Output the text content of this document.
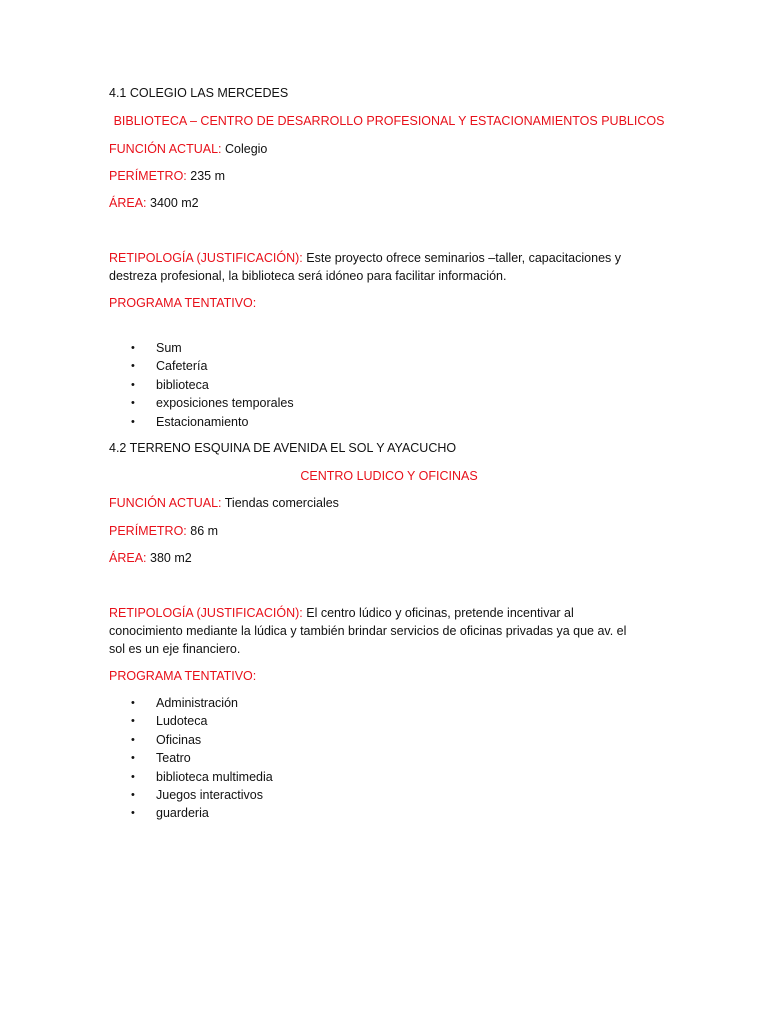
4.1 COLEGIO LAS MERCEDES
BIBLIOTECA – CENTRO DE DESARROLLO PROFESIONAL Y ESTACIONAMIENTOS PUBLICOS
FUNCIÓN ACTUAL: Colegio
PERÍMETRO: 235 m
ÁREA: 3400 m2
RETIPOLOGÍA (JUSTIFICACIÓN): Este proyecto ofrece seminarios –taller, capacitaciones y destreza profesional, la biblioteca será idóneo para facilitar información.
PROGRAMA TENTATIVO:
• Sum
• Cafetería
• biblioteca
• exposiciones temporales
• Estacionamiento
4.2 TERRENO ESQUINA DE AVENIDA EL SOL Y AYACUCHO
CENTRO LUDICO Y OFICINAS
FUNCIÓN ACTUAL: Tiendas comerciales
PERÍMETRO: 86 m
ÁREA: 380 m2
RETIPOLOGÍA (JUSTIFICACIÓN): El centro lúdico y oficinas, pretende incentivar al conocimiento mediante la lúdica y también brindar servicios de oficinas privadas ya que av. el sol es un eje financiero.
PROGRAMA TENTATIVO:
• Administración
• Ludoteca
• Oficinas
• Teatro
• biblioteca multimedia
• Juegos interactivos
• guarderia
